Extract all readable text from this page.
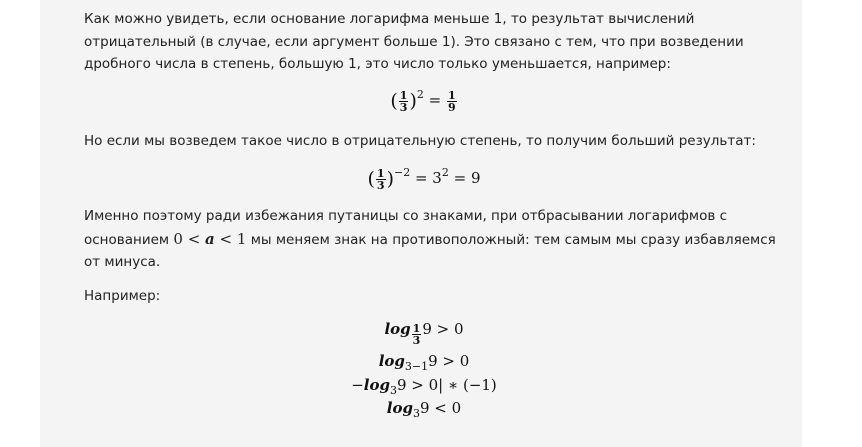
Как можно увидеть, если основание логарифма меньше 1, то результат вычислений
отрицательный (в случае, если аргумент больше 1). Это связано с тем, что при возведении
дробного числа в степень, большую 1, это число только уменьшается, например:
( $\frac{1}{3} )^2 = \frac{1}{9}$
Но если мы возведем такое число в отрицательную степень, то получим больший результат:
( $\frac{1}{3} )^{-2} = 3^2 = 9$
Именно поэтому ради избежания путаницы со знаками, при отбрасывании логарифмов с
основанием 0 < a < 1 мы меняем знак на противоположный: тем самым мы сразу избавляемся
от минуса.
Например:
$\log \frac{1}{3} 9 > 0$
$\log_{3-1}9 > 0$
$-\log_39 > 0|$ ∗ (−1)
$\log_39 < 0$
